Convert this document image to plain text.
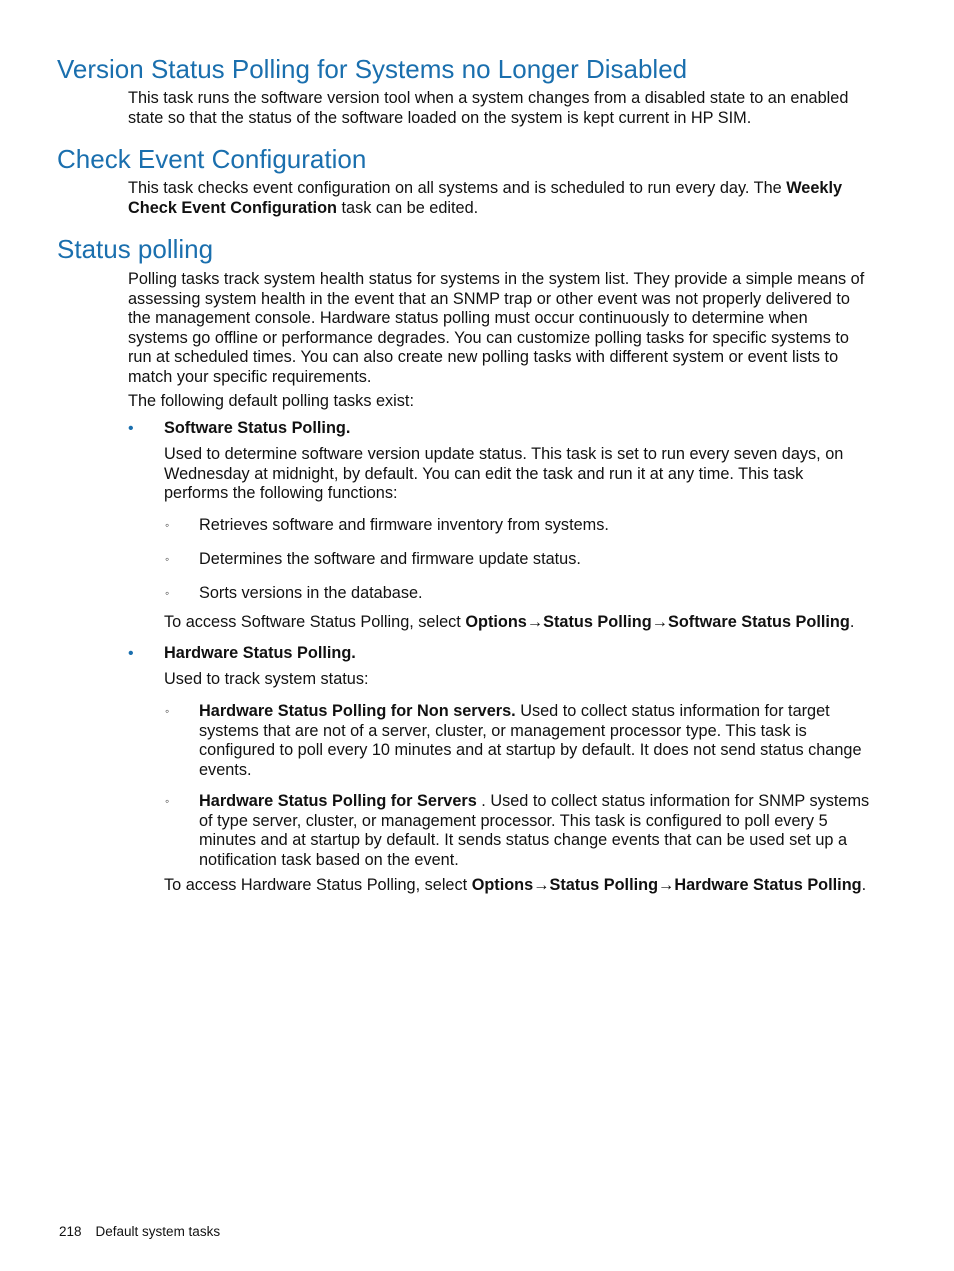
Version Status Polling for Systems no Longer Disabled

This task runs the software version tool when a system changes from a disabled state to an enabled state so that the status of the software loaded on the system is kept current in HP SIM.

Check Event Configuration

This task checks event configuration on all systems and is scheduled to run every day. The Weekly Check Event Configuration task can be edited.

Status polling

Polling tasks track system health status for systems in the system list. They provide a simple means of assessing system health in the event that an SNMP trap or other event was not properly delivered to the management console. Hardware status polling must occur continuously to determine when systems go offline or performance degrades. You can customize polling tasks for specific systems to run at scheduled times. You can also create new polling tasks with different system or event lists to match your specific requirements.

The following default polling tasks exist:

• Software Status Polling.

Used to determine software version update status. This task is set to run every seven days, on Wednesday at midnight, by default. You can edit the task and run it at any time. This task performs the following functions:

◦ Retrieves software and firmware inventory from systems.

◦ Determines the software and firmware update status.

◦ Sorts versions in the database.

To access Software Status Polling, select Options→Status Polling→Software Status Polling.

• Hardware Status Polling.

Used to track system status:

◦ Hardware Status Polling for Non servers. Used to collect status information for target systems that are not of a server, cluster, or management processor type. This task is configured to poll every 10 minutes and at startup by default. It does not send status change events.

◦ Hardware Status Polling for Servers . Used to collect status information for SNMP systems of type server, cluster, or management processor. This task is configured to poll every 5 minutes and at startup by default. It sends status change events that can be used set up a notification task based on the event.

To access Hardware Status Polling, select Options→Status Polling→Hardware Status Polling.

218 Default system tasks
